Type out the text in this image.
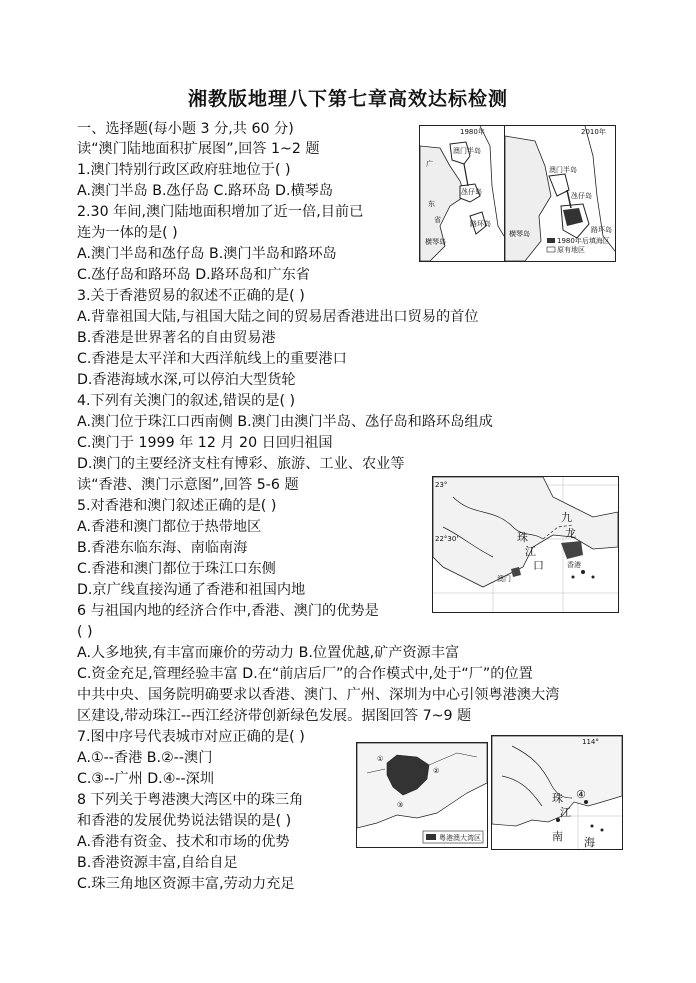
湘教版地理八下第七章高效达标检测
一、选择题(每小题 3 分,共 60 分)
读“澳门陆地面积扩展图”,回答 1~2 题
1.澳门特别行政区政府驻地位于( )
A.澳门半岛 B.氹仔岛 C.路环岛 D.横琴岛
2.30 年间,澳门陆地面积增加了近一倍,目前已
连为一体的是( )
A.澳门半岛和氹仔岛 B.澳门半岛和路环岛
C.氹仔岛和路环岛 D.路环岛和广东省
3.关于香港贸易的叙述不正确的是( )
A.背靠祖国大陆,与祖国大陆之间的贸易居香港进出口贸易的首位
B.香港是世界著名的自由贸易港
C.香港是太平洋和大西洋航线上的重要港口
D.香港海域水深,可以停泊大型货轮
4.下列有关澳门的叙述,错误的是( )
A.澳门位于珠江口西南侧 B.澳门由澳门半岛、氹仔岛和路环岛组成
C.澳门于 1999 年 12 月 20 日回归祖国
D.澳门的主要经济支柱有博彩、旅游、工业、农业等
读“香港、澳门示意图”,回答 5-6 题
5.对香港和澳门叙述正确的是( )
A.香港和澳门都位于热带地区
B.香港东临东海、南临南海
C.香港和澳门都位于珠江口东侧
D.京广线直接沟通了香港和祖国内地
6 与祖国内地的经济合作中,香港、澳门的优势是
( )
A.人多地狭,有丰富而廉价的劳动力 B.位置优越,矿产资源丰富
C.资金充足,管理经验丰富 D.在“前店后厂”的合作模式中,处于“厂”的位置
中共中央、国务院明确要求以香港、澳门、广州、深圳为中心引领粤港澳大湾
区建设,带动珠江--西江经济带创新绿色发展。据图回答 7~9 题
7.图中序号代表城市对应正确的是( )
A.①--香港 B.②--澳门
C.③--广州 D.④--深圳
8 下列关于粤港澳大湾区中的珠三角
和香港的发展优势说法错误的是( )
A.香港有资金、技术和市场的优势
B.香港资源丰富,自给自足
C.珠三角地区资源丰富,劳动力充足
1980年
澳门半岛
氹仔岛
路环岛
横琴岛
广
东
省
2010年
澳门半岛
氹仔岛
路环岛
横琴岛
1980年后填海区
原有地区
23°
22°30'
九
龙
珠
江
口	香港
澳门
①
②
③
粤港澳大湾区
114°
④
珠
江
南 海
